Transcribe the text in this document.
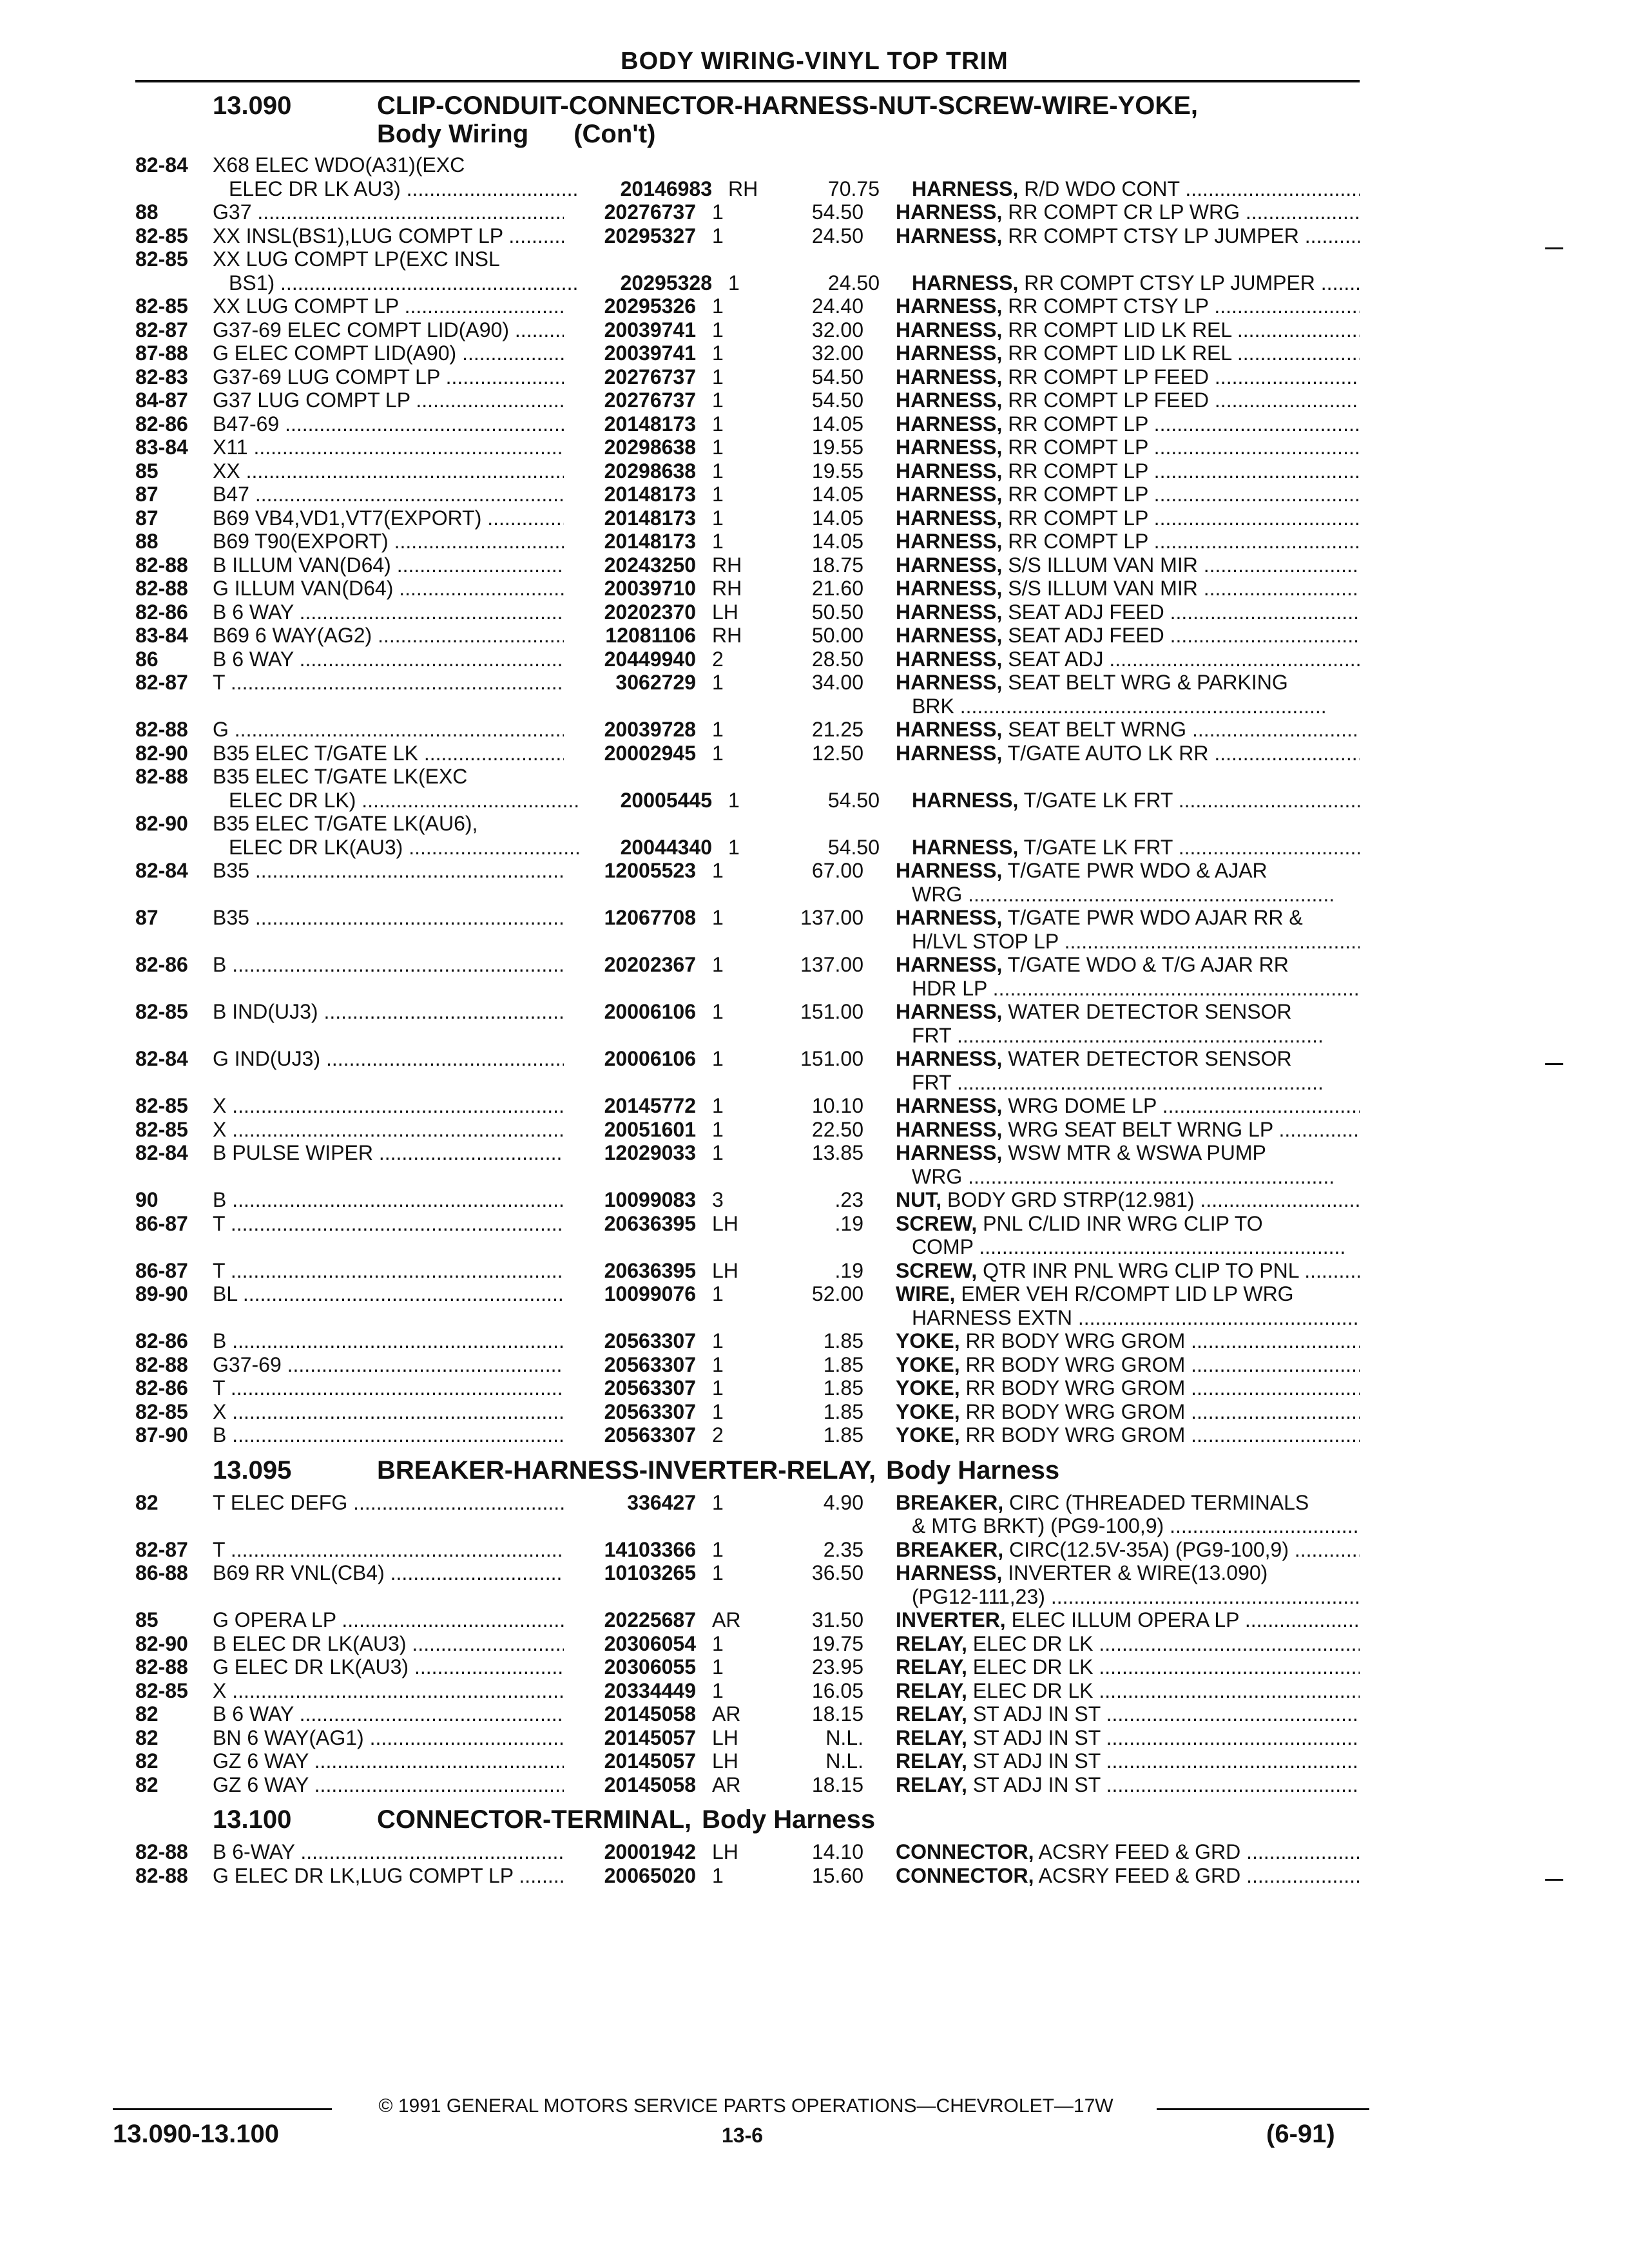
BODY WIRING-VINYL TOP TRIM
13.090	CLIP-CONDUIT-CONNECTOR-HARNESS-NUT-SCREW-WIRE-YOKE,
Body Wiring (Con't)
82-84	X68 ELEC WDO(A31)(EXC
ELEC DR LK AU3) .....	20146983 RH	70.75	HARNESS, R/D WDO CONT .....
88	G37 .....	20276737 1	54.50	HARNESS, RR COMPT CR LP WRG .....
82-85	XX INSL(BS1),LUG COMPT LP .....	20295327 1	24.50	HARNESS, RR COMPT CTSY LP JUMPER .....
82-85	XX LUG COMPT LP(EXC INSL
BS1) .....	20295328 1	24.50	HARNESS, RR COMPT CTSY LP JUMPER .....
82-85	XX LUG COMPT LP .....	20295326 1	24.40	HARNESS, RR COMPT CTSY LP .....
82-87	G37-69 ELEC COMPT LID(A90) .....	20039741 1	32.00	HARNESS, RR COMPT LID LK REL .....
87-88	G ELEC COMPT LID(A90) .....	20039741 1	32.00	HARNESS, RR COMPT LID LK REL .....
82-83	G37-69 LUG COMPT LP .....	20276737 1	54.50	HARNESS, RR COMPT LP FEED .....
84-87	G37 LUG COMPT LP .....	20276737 1	54.50	HARNESS, RR COMPT LP FEED .....
82-86	B47-69 .....	20148173 1	14.05	HARNESS, RR COMPT LP .....
83-84	X11 .....	20298638 1	19.55	HARNESS, RR COMPT LP .....
85	XX .....	20298638 1	19.55	HARNESS, RR COMPT LP .....
87	B47 .....	20148173 1	14.05	HARNESS, RR COMPT LP .....
87	B69 VB4,VD1,VT7(EXPORT) .....	20148173 1	14.05	HARNESS, RR COMPT LP .....
88	B69 T90(EXPORT) .....	20148173 1	14.05	HARNESS, RR COMPT LP .....
82-88	B ILLUM VAN(D64) .....	20243250 RH	18.75	HARNESS, S/S ILLUM VAN MIR .....
82-88	G ILLUM VAN(D64) .....	20039710 RH	21.60	HARNESS, S/S ILLUM VAN MIR .....
82-86	B 6 WAY .....	20202370 LH	50.50	HARNESS, SEAT ADJ FEED .....
83-84	B69 6 WAY(AG2) .....	12081106 RH	50.00	HARNESS, SEAT ADJ FEED .....
86	B 6 WAY .....	20449940 2	28.50	HARNESS, SEAT ADJ .....
82-87	T .....	3062729 1	34.00	HARNESS, SEAT BELT WRG & PARKING
BRK .....
82-88	G .....	20039728 1	21.25	HARNESS, SEAT BELT WRNG .....
82-90	B35 ELEC T/GATE LK .....	20002945 1	12.50	HARNESS, T/GATE AUTO LK RR .....
82-88	B35 ELEC T/GATE LK(EXC
ELEC DR LK) .....	20005445 1	54.50	HARNESS, T/GATE LK FRT .....
82-90	B35 ELEC T/GATE LK(AU6),
ELEC DR LK(AU3) .....	20044340 1	54.50	HARNESS, T/GATE LK FRT .....
82-84	B35 .....	12005523 1	67.00	HARNESS, T/GATE PWR WDO & AJAR
WRG .....
87	B35 .....	12067708 1	137.00	HARNESS, T/GATE PWR WDO AJAR RR &
H/LVL STOP LP .....
82-86	B .....	20202367 1	137.00	HARNESS, T/GATE WDO & T/G AJAR RR
HDR LP .....
82-85	B IND(UJ3) .....	20006106 1	151.00	HARNESS, WATER DETECTOR SENSOR
FRT .....
82-84	G IND(UJ3) .....	20006106 1	151.00	HARNESS, WATER DETECTOR SENSOR
FRT .....
82-85	X .....	20145772 1	10.10	HARNESS, WRG DOME LP .....
82-85	X .....	20051601 1	22.50	HARNESS, WRG SEAT BELT WRNG LP .....
82-84	B PULSE WIPER .....	12029033 1	13.85	HARNESS, WSW MTR & WSWA PUMP
WRG .....
90	B .....	10099083 3	.23	NUT, BODY GRD STRP(12.981) .....
86-87	T .....	20636395 LH	.19	SCREW, PNL C/LID INR WRG CLIP TO
COMP .....
86-87	T .....	20636395 LH	.19	SCREW, QTR INR PNL WRG CLIP TO PNL .....
89-90	BL .....	10099076 1	52.00	WIRE, EMER VEH R/COMPT LID LP WRG
HARNESS EXTN .....
82-86	B .....	20563307 1	1.85	YOKE, RR BODY WRG GROM .....
82-88	G37-69 .....	20563307 1	1.85	YOKE, RR BODY WRG GROM .....
82-86	T .....	20563307 1	1.85	YOKE, RR BODY WRG GROM .....
82-85	X .....	20563307 1	1.85	YOKE, RR BODY WRG GROM .....
87-90	B .....	20563307 2	1.85	YOKE, RR BODY WRG GROM .....
13.095	BREAKER-HARNESS-INVERTER-RELAY, Body Harness
82	T ELEC DEFG .....	336427 1	4.90	BREAKER, CIRC (THREADED TERMINALS
& MTG BRKT) (PG9-100,9) .....
82-87	T .....	14103366 1	2.35	BREAKER, CIRC(12.5V-35A) (PG9-100,9) .....
86-88	B69 RR VNL(CB4) .....	10103265 1	36.50	HARNESS, INVERTER & WIRE(13.090)
(PG12-111,23) .....
85	G OPERA LP .....	20225687 AR	31.50	INVERTER, ELEC ILLUM OPERA LP .....
82-90	B ELEC DR LK(AU3) .....	20306054 1	19.75	RELAY, ELEC DR LK .....
82-88	G ELEC DR LK(AU3) .....	20306055 1	23.95	RELAY, ELEC DR LK .....
82-85	X .....	20334449 1	16.05	RELAY, ELEC DR LK .....
82	B 6 WAY .....	20145058 AR	18.15	RELAY, ST ADJ IN ST .....
82	BN 6 WAY(AG1) .....	20145057 LH	N.L.	RELAY, ST ADJ IN ST .....
82	GZ 6 WAY .....	20145057 LH	N.L.	RELAY, ST ADJ IN ST .....
82	GZ 6 WAY .....	20145058 AR	18.15	RELAY, ST ADJ IN ST .....
13.100	CONNECTOR-TERMINAL, Body Harness
82-88	B 6-WAY .....	20001942 LH	14.10	CONNECTOR, ACSRY FEED & GRD .....
82-88	G ELEC DR LK,LUG COMPT LP .....	20065020 1	15.60	CONNECTOR, ACSRY FEED & GRD .....
© 1991 GENERAL MOTORS SERVICE PARTS OPERATIONS—CHEVROLET—17W
13.090-13.100	13-6	(6-91)
